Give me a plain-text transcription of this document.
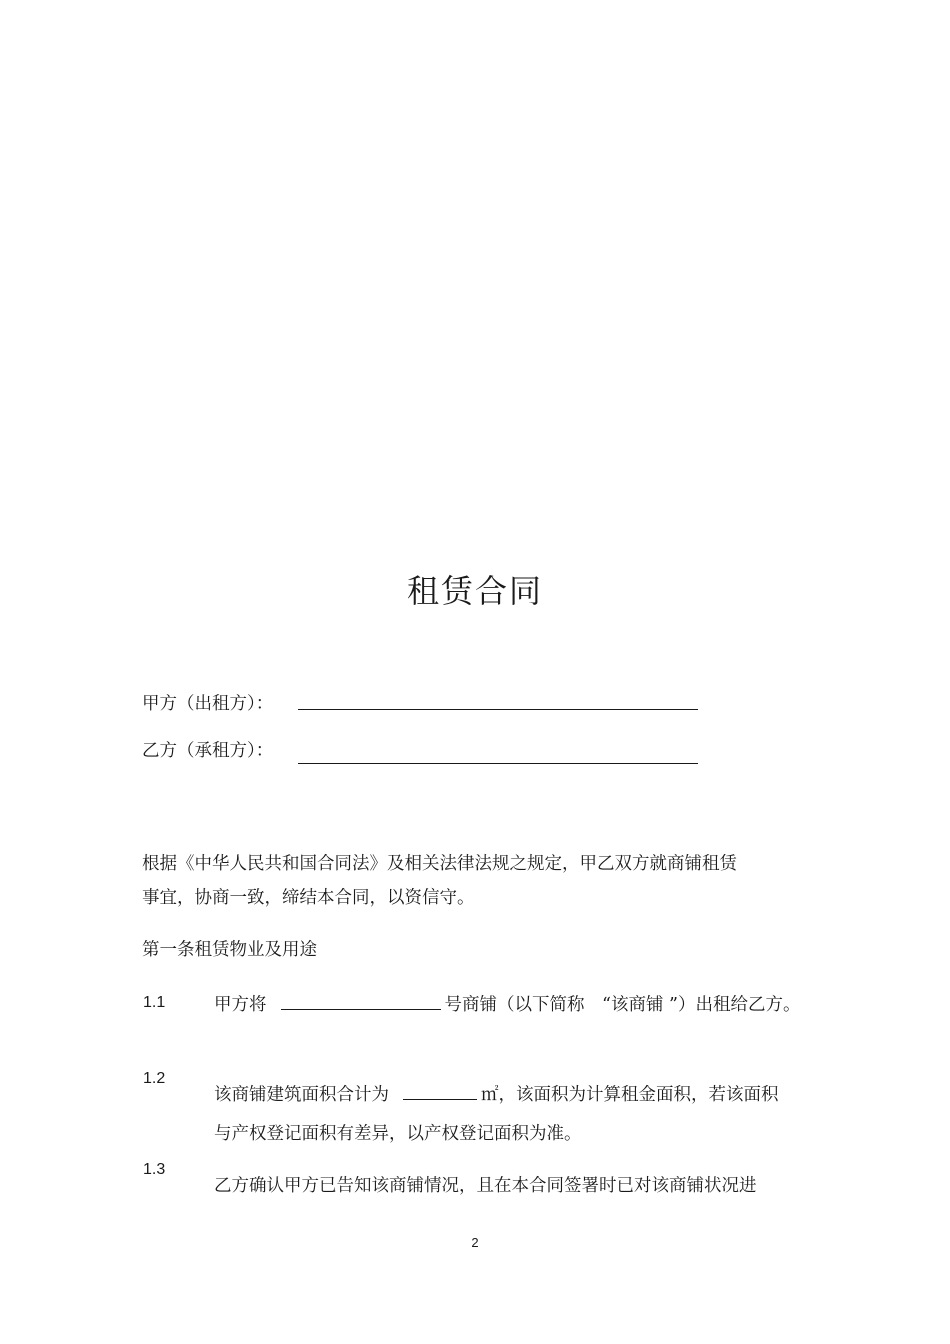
租赁合同
甲方（出租方）：
乙方（承租方）：
根据《中华人民共和国合同法》及相关法律法规之规定，甲乙双方就商铺租赁
事宜，协商一致，缔结本合同，以资信守。
第一条租赁物业及用途
1.1	甲方将	号商铺（以下简称　“该商铺 ”）出租给乙方。
1.2
该商铺建筑面积合计为	㎡，该面积为计算租金面积，若该面积
与产权登记面积有差异，以产权登记面积为准。
1.3
乙方确认甲方已告知该商铺情况，且在本合同签署时已对该商铺状况进
2
